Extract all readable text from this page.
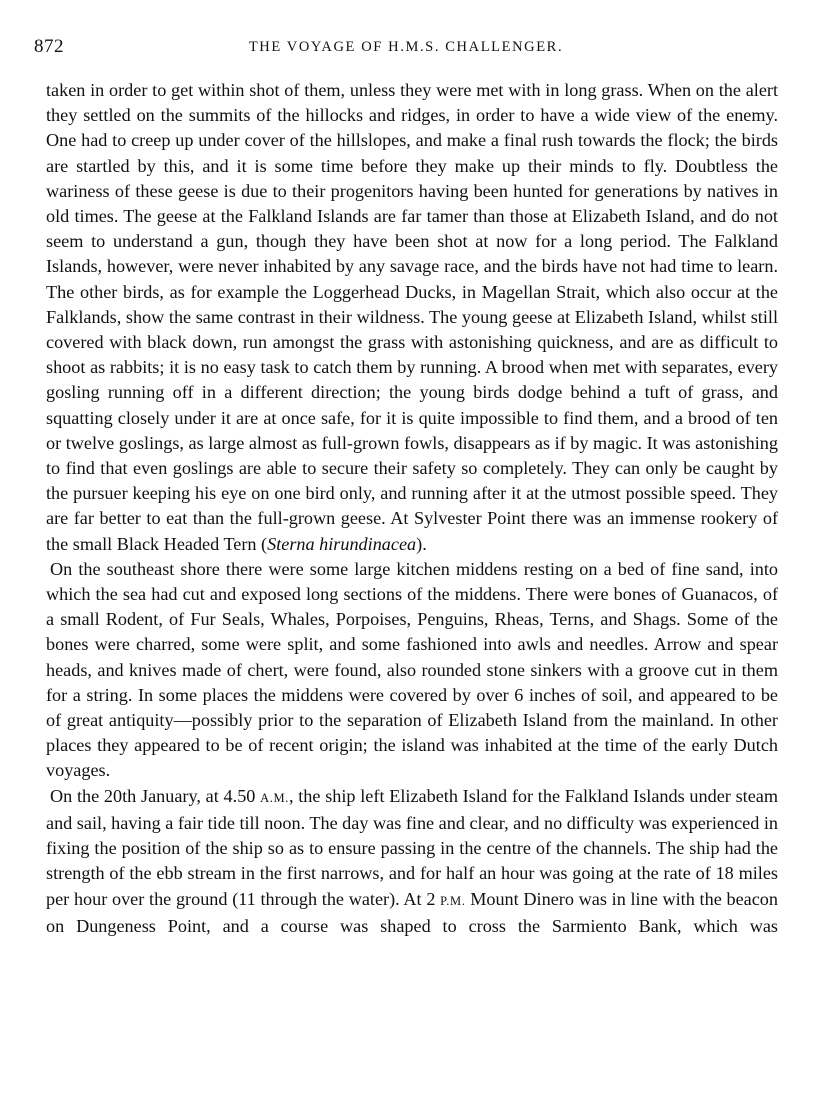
872	THE VOYAGE OF H.M.S. CHALLENGER.

taken in order to get within shot of them, unless they were met with in long grass. When on the alert they settled on the summits of the hillocks and ridges, in order to have a wide view of the enemy. One had to creep up under cover of the hillslopes, and make a final rush towards the flock; the birds are startled by this, and it is some time before they make up their minds to fly. Doubtless the wariness of these geese is due to their progenitors having been hunted for generations by natives in old times. The geese at the Falkland Islands are far tamer than those at Elizabeth Island, and do not seem to understand a gun, though they have been shot at now for a long period. The Falkland Islands, however, were never inhabited by any savage race, and the birds have not had time to learn. The other birds, as for example the Loggerhead Ducks, in Magellan Strait, which also occur at the Falklands, show the same contrast in their wildness. The young geese at Elizabeth Island, whilst still covered with black down, run amongst the grass with astonishing quickness, and are as difficult to shoot as rabbits; it is no easy task to catch them by running. A brood when met with separates, every gosling running off in a different direction; the young birds dodge behind a tuft of grass, and squatting closely under it are at once safe, for it is quite impossible to find them, and a brood of ten or twelve goslings, as large almost as full-grown fowls, disappears as if by magic. It was astonishing to find that even goslings are able to secure their safety so completely. They can only be caught by the pursuer keeping his eye on one bird only, and running after it at the utmost possible speed. They are far better to eat than the full-grown geese. At Sylvester Point there was an immense rookery of the small Black Headed Tern (Sterna hirundinacea).

On the southeast shore there were some large kitchen middens resting on a bed of fine sand, into which the sea had cut and exposed long sections of the middens. There were bones of Guanacos, of a small Rodent, of Fur Seals, Whales, Porpoises, Penguins, Rheas, Terns, and Shags. Some of the bones were charred, some were split, and some fashioned into awls and needles. Arrow and spear heads, and knives made of chert, were found, also rounded stone sinkers with a groove cut in them for a string. In some places the middens were covered by over 6 inches of soil, and appeared to be of great antiquity—possibly prior to the separation of Elizabeth Island from the mainland. In other places they appeared to be of recent origin; the island was inhabited at the time of the early Dutch voyages.

On the 20th January, at 4.50 A.M., the ship left Elizabeth Island for the Falkland Islands under steam and sail, having a fair tide till noon. The day was fine and clear, and no difficulty was experienced in fixing the position of the ship so as to ensure passing in the centre of the channels. The ship had the strength of the ebb stream in the first narrows, and for half an hour was going at the rate of 18 miles per hour over the ground (11 through the water). At 2 P.M. Mount Dinero was in line with the beacon on Dungeness Point, and a course was shaped to cross the Sarmiento Bank, which was
